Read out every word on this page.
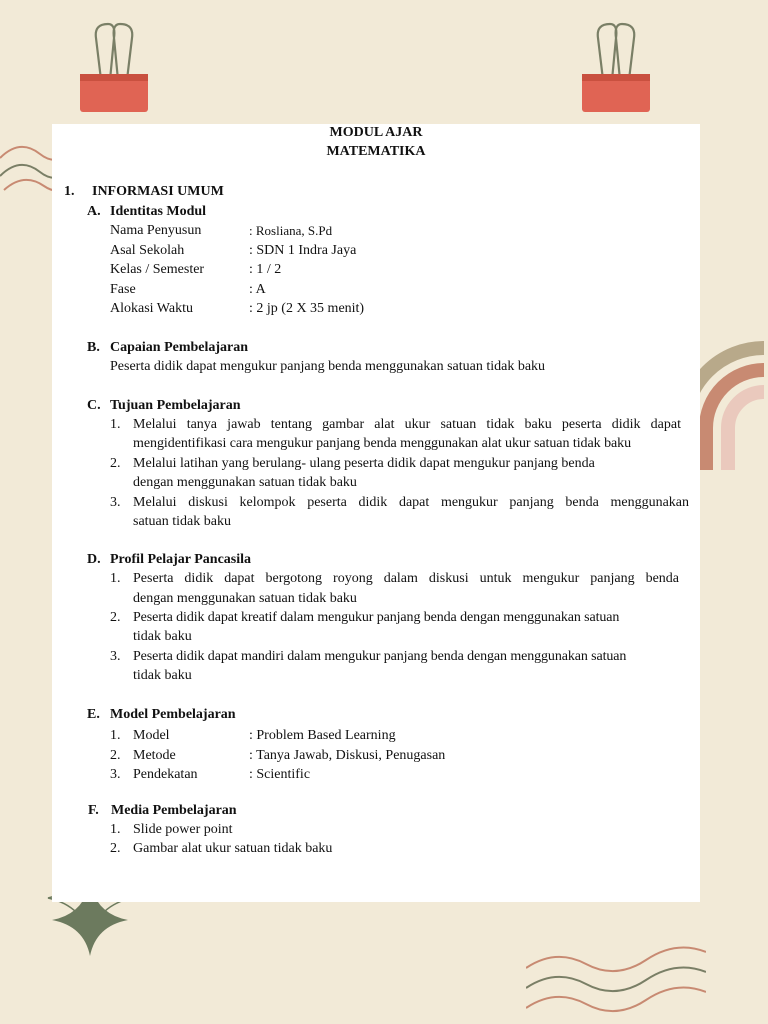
MODUL AJAR
MATEMATIKA
1. INFORMASI UMUM
A. Identitas Modul
Nama Penyusun	: Rosliana, S.Pd
Asal Sekolah	: SDN 1 Indra Jaya
Kelas / Semester	: 1 / 2
Fase	: A
Alokasi Waktu	: 2 jp (2 X 35 menit)
B. Capaian Pembelajaran
Peserta didik dapat mengukur panjang benda menggunakan satuan tidak baku
C. Tujuan Pembelajaran
1. Melalui tanya jawab tentang gambar alat ukur satuan tidak baku peserta didik dapat
mengidentifikasi cara mengukur panjang benda menggunakan alat ukur satuan tidak baku
2. Melalui latihan yang berulang- ulang peserta didik dapat mengukur panjang benda
dengan menggunakan satuan tidak baku
3. Melalui diskusi kelompok peserta didik dapat mengukur panjang benda menggunakan
satuan tidak baku
D. Profil Pelajar Pancasila
1. Peserta didik dapat bergotong royong dalam diskusi untuk mengukur panjang benda
dengan menggunakan satuan tidak baku
2. Peserta didik dapat kreatif dalam mengukur panjang benda dengan menggunakan satuan
tidak baku
3. Peserta didik dapat mandiri dalam mengukur panjang benda dengan menggunakan satuan
tidak baku
E. Model Pembelajaran
1. Model	: Problem Based Learning
2. Metode	: Tanya Jawab, Diskusi, Penugasan
3. Pendekatan	: Scientific
F. Media Pembelajaran
1. Slide power point
2. Gambar alat ukur satuan tidak baku
